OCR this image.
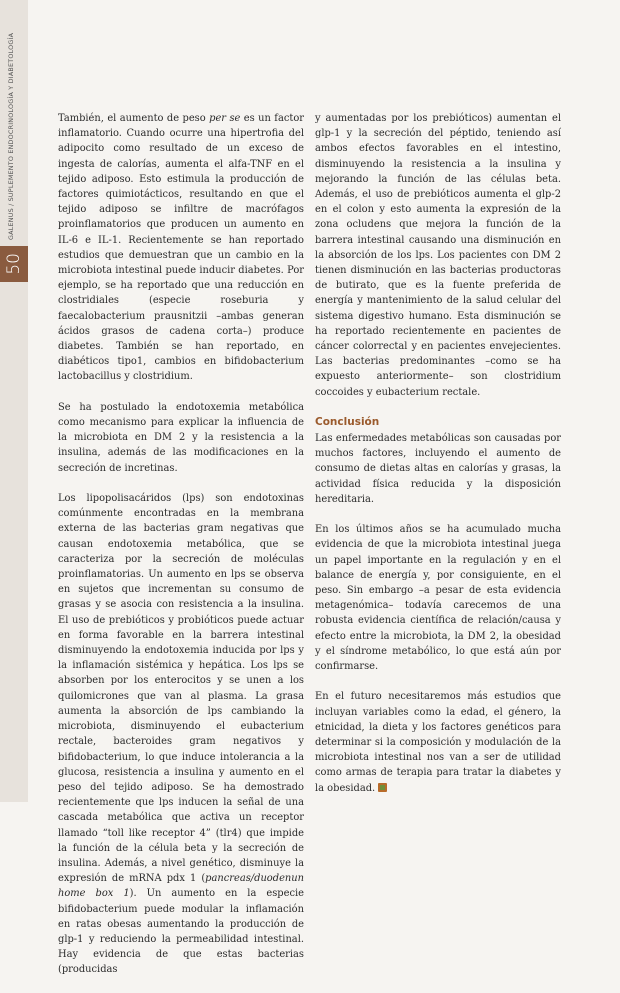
GALENUS / SUPLEMENTO ENDOCRINOLOGÍA Y DIABETOLOGÍA
50

También, el aumento de peso per se es un factor inflamatorio. Cuando ocurre una hipertrofia del adipocito como resultado de un exceso de ingesta de calorías, aumenta el alfa-TNF en el tejido adiposo. Esto estimula la producción de factores quimiotácticos, resultando en que el tejido adiposo se infiltre de macrófagos proinflamatorios que producen un aumento en IL-6 e IL-1. Recientemente se han reportado estudios que demuestran que un cambio en la microbiota intestinal puede inducir diabetes. Por ejemplo, se ha reportado que una reducción en clostridiales (especie roseburia y faecalobacterium prausnitzii –ambas generan ácidos grasos de cadena corta–) produce diabetes. También se han reportado, en diabéticos tipo1, cambios en bifidobacterium lactobacillus y clostridium.

Se ha postulado la endotoxemia metabólica como mecanismo para explicar la influencia de la microbiota en DM 2 y la resistencia a la insulina, además de las modificaciones en la secreción de incretinas.

Los lipopolisacáridos (lps) son endotoxinas comúnmente encontradas en la membrana externa de las bacterias gram negativas que causan endotoxemia metabólica, que se caracteriza por la secreción de moléculas proinflamatorias. Un aumento en lps se observa en sujetos que incrementan su consumo de grasas y se asocia con resistencia a la insulina. El uso de prebióticos y probióticos puede actuar en forma favorable en la barrera intestinal disminuyendo la endotoxemia inducida por lps y la inflamación sistémica y hepática. Los lps se absorben por los enterocitos y se unen a los quilomicrones que van al plasma. La grasa aumenta la absorción de lps cambiando la microbiota, disminuyendo el eubacterium rectale, bacteroides gram negativos y bifidobacterium, lo que induce intolerancia a la glucosa, resistencia a insulina y aumento en el peso del tejido adiposo. Se ha demostrado recientemente que lps inducen la señal de una cascada metabólica que activa un receptor llamado “toll like receptor 4” (tlr4) que impide la función de la célula beta y la secreción de insulina. Además, a nivel genético, disminuye la expresión de mRNA pdx 1 (pancreas/duodenun home box 1). Un aumento en la especie bifidobacterium puede modular la inflamación en ratas obesas aumentando la producción de glp-1 y reduciendo la permeabilidad intestinal. Hay evidencia de que estas bacterias (producidas

y aumentadas por los prebióticos) aumentan el glp-1 y la secreción del péptido, teniendo así ambos efectos favorables en el intestino, disminuyendo la resistencia a la insulina y mejorando la función de las células beta. Además, el uso de prebióticos aumenta el glp-2 en el colon y esto aumenta la expresión de la zona ocludens que mejora la función de la barrera intestinal causando una disminución en la absorción de los lps. Los pacientes con DM 2 tienen disminución en las bacterias productoras de butirato, que es la fuente preferida de energía y mantenimiento de la salud celular del sistema digestivo humano. Esta disminución se ha reportado recientemente en pacientes de cáncer colorrectal y en pacientes envejecientes. Las bacterias predominantes –como se ha expuesto anteriormente– son clostridium coccoides y eubacterium rectale.

Conclusión

Las enfermedades metabólicas son causadas por muchos factores, incluyendo el aumento de consumo de dietas altas en calorías y grasas, la actividad física reducida y la disposición hereditaria.

En los últimos años se ha acumulado mucha evidencia de que la microbiota intestinal juega un papel importante en la regulación y en el balance de energía y, por consiguiente, en el peso. Sin embargo –a pesar de esta evidencia metagenómica– todavía carecemos de una robusta evidencia científica de relación/causa y efecto entre la microbiota, la DM 2, la obesidad y el síndrome metabólico, lo que está aún por confirmarse.

En el futuro necesitaremos más estudios que incluyan variables como la edad, el género, la etnicidad, la dieta y los factores genéticos para determinar si la composición y modulación de la microbiota intestinal nos van a ser de utilidad como armas de terapia para tratar la diabetes y la obesidad.
